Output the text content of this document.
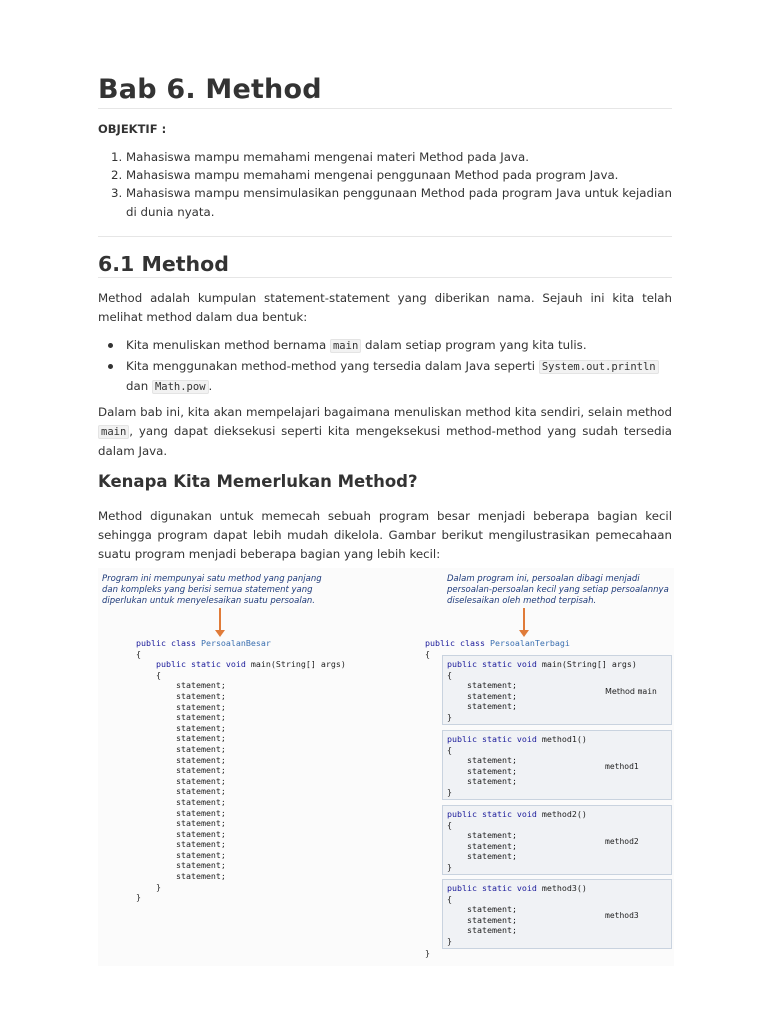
Bab 6. Method
OBJEKTIF :
1. Mahasiswa mampu memahami mengenai materi Method pada Java.
2. Mahasiswa mampu memahami mengenai penggunaan Method pada program Java.
3. Mahasiswa mampu mensimulasikan penggunaan Method pada program Java untuk kejadian di dunia nyata.
6.1 Method

Method adalah kumpulan statement-statement yang diberikan nama. Sejauh ini kita telah melihat method dalam dua bentuk:

Kita menuliskan method bernama main dalam setiap program yang kita tulis.
Kita menggunakan method-method yang tersedia dalam Java seperti System.out.println
dan Math.pow .

Dalam bab ini, kita akan mempelajari bagaimana menuliskan method kita sendiri, selain method main , yang dapat dieksekusi seperti kita mengeksekusi method-method yang sudah tersedia dalam Java.

Kenapa Kita Memerlukan Method?

Method digunakan untuk memecah sebuah program besar menjadi beberapa bagian kecil sehingga program dapat lebih mudah dikelola. Gambar berikut mengilustrasikan pemecahaan suatu program menjadi beberapa bagian yang lebih kecil:

Program ini mempunyai satu method yang panjang dan kompleks yang berisi semua statement yang diperlukan untuk menyelesaikan suatu persoalan.
Dalam program ini, persoalan dibagi menjadi persoalan-persoalan kecil yang setiap persoalannya diselesaikan oleh method terpisah.
public class PersoalanBesar
{
public static void main(String[] args)
{
statement;
statement;
statement;
statement;
statement;
statement;
statement;
statement;
statement;
statement;
statement;
statement;
statement;
statement;
statement;
statement;
statement;
statement;
statement;
}
}
public class PersoalanTerbagi
{
public static void main(String[] args)
{
statement;
statement;
statement;
}
Method main
public static void method1()
{
statement;
statement;
statement;
}
method1
public static void method2()
{
statement;
statement;
statement;
}
method2
public static void method3()
{
statement;
statement;
statement;
}
method3
}
